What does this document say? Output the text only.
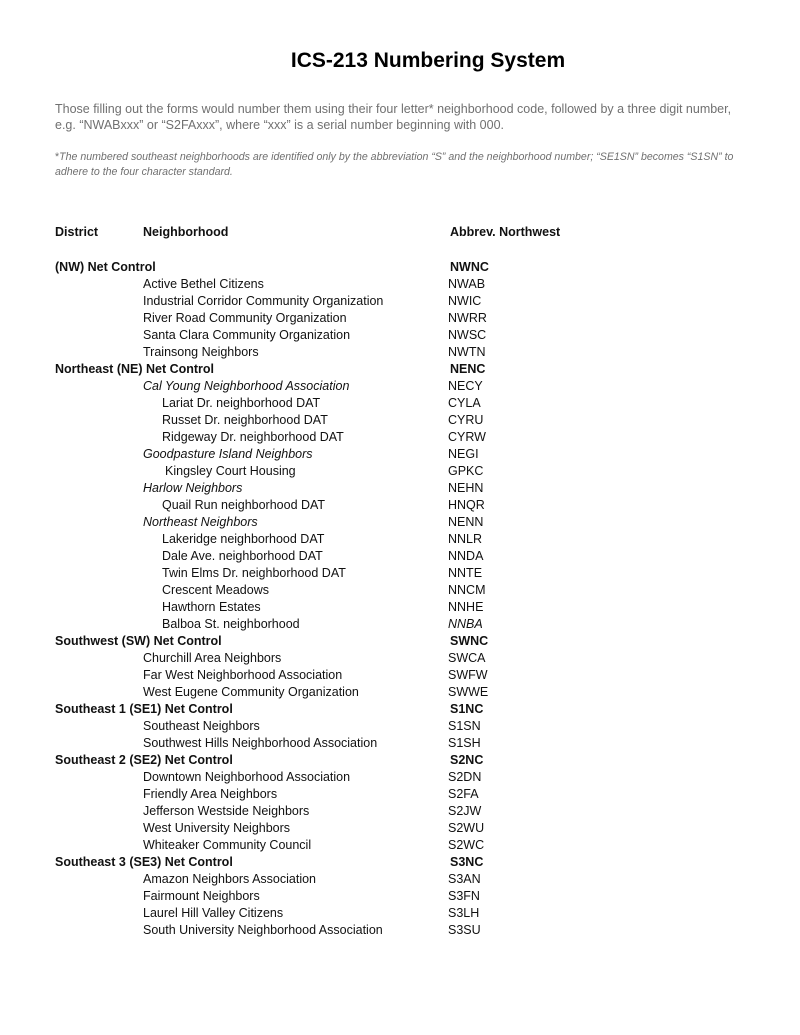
ICS-213 Numbering System

Those filling out the forms would number them using their four letter* neighborhood code, followed by a three digit number, e.g. “NWABxxx” or “S2FAxxx”, where “xxx” is a serial number beginning with 000.

*The numbered southeast neighborhoods are identified only by the abbreviation “S” and the neighborhood number; “SE1SN” becomes “S1SN” to adhere to the four character standard.

District	Neighborhood	Abbrev. Northwest
(NW) Net Control	NWNC
Active Bethel Citizens	NWAB
Industrial Corridor Community Organization	NWIC
River Road Community Organization	NWRR
Santa Clara Community Organization	NWSC
Trainsong Neighbors	NWTN
Northeast (NE) Net Control	NENC
Cal Young Neighborhood Association	NECY
Lariat Dr. neighborhood DAT	CYLA
Russet Dr. neighborhood DAT	CYRU
Ridgeway Dr. neighborhood DAT	CYRW
Goodpasture Island Neighbors	NEGI
Kingsley Court Housing	GPKC
Harlow Neighbors	NEHN
Quail Run neighborhood DAT	HNQR
Northeast Neighbors	NENN
Lakeridge neighborhood DAT	NNLR
Dale Ave. neighborhood DAT	NNDA
Twin Elms Dr. neighborhood DAT	NNTE
Crescent Meadows	NNCM
Hawthorn Estates	NNHE
Balboa St. neighborhood	NNBA
Southwest (SW) Net Control	SWNC
Churchill Area Neighbors	SWCA
Far West Neighborhood Association	SWFW
West Eugene Community Organization	SWWE
Southeast 1 (SE1) Net Control	S1NC
Southeast Neighbors	S1SN
Southwest Hills Neighborhood Association	S1SH
Southeast 2 (SE2) Net Control	S2NC
Downtown Neighborhood Association	S2DN
Friendly Area Neighbors	S2FA
Jefferson Westside Neighbors	S2JW
West University Neighbors	S2WU
Whiteaker Community Council	S2WC
Southeast 3 (SE3) Net Control	S3NC
Amazon Neighbors Association	S3AN
Fairmount Neighbors	S3FN
Laurel Hill Valley Citizens	S3LH
South University Neighborhood Association	S3SU
